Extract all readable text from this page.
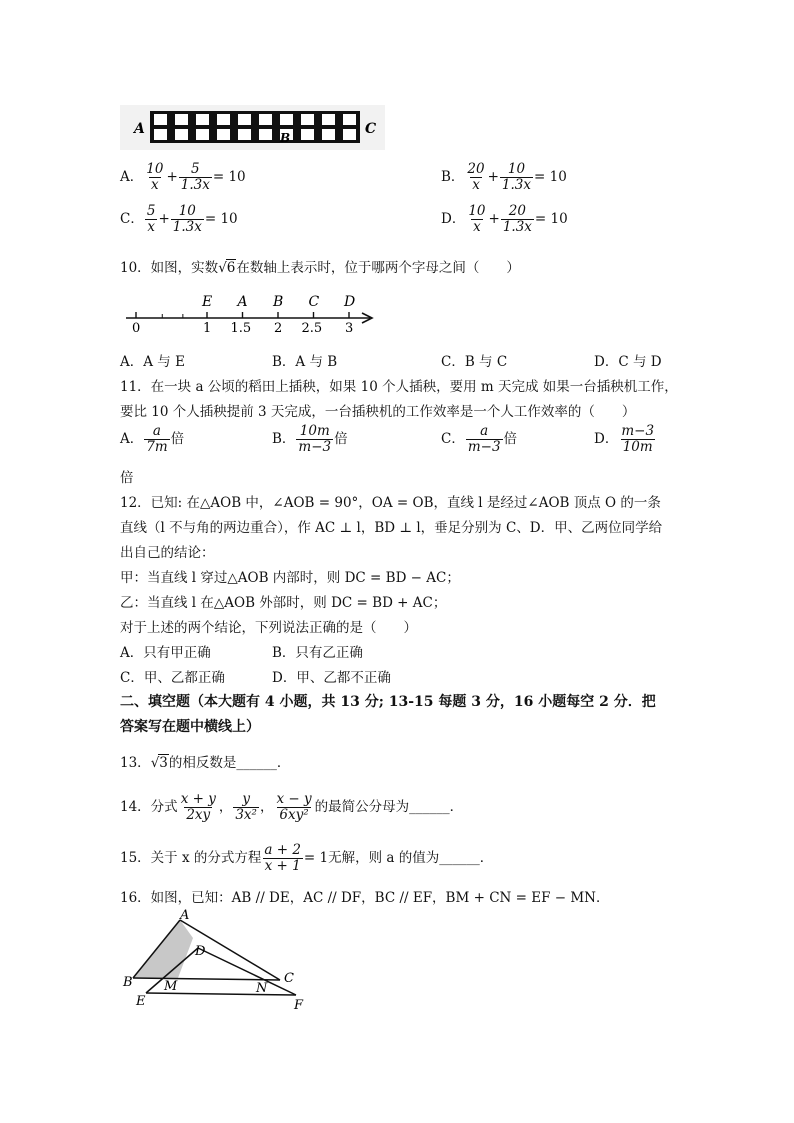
A
B
C
A． $\frac{10}{x} + \frac{5}{1.3x} = 10$	B． $\frac{20}{x} + \frac{10}{1.3x} = 10$
C． $\frac{5}{x} + \frac{10}{1.3x} = 10$	D． $\frac{10}{x} + \frac{20}{1.3x} = 10$
10．如图，实数√6在数轴上表示时，位于哪两个字母之间（　　）
0	1 1.5 2 2.5 3
E A B C D
A．A 与 E	B．A 与 B	C．B 与 C	D．C 与 D
11．在一块 a 公顷的稻田上插秧，如果 10 个人插秧，要用 m 天完成 如果一台插秧机工作，
要比 10 个人插秧提前 3 天完成，一台插秧机的工作效率是一个人工作效率的（　　）
A． $\frac{a}{7m}$ 倍	B． $\frac{10m}{m-3}$ 倍	C． $\frac{a}{m-3}$ 倍	D． $\frac{m-3}{10m}$
倍
12．已知: 在△AOB 中，∠AOB = 90°，OA = OB，直线 l 是经过∠AOB 顶点 O 的一条
直线（l 不与角的两边重合），作 AC ⊥ l，BD ⊥ l，垂足分别为 C、D．甲、乙两位同学给
出自己的结论：
甲：当直线 l 穿过△AOB 内部时，则 DC = BD − AC；
乙：当直线 l 在△AOB 外部时，则 DC = BD + AC；
对于上述的两个结论，下列说法正确的是（　　）
A．只有甲正确	B．只有乙正确
C．甲、乙都正确	D．甲、乙都不正确
二、填空题（本大题有 4 小题，共 13 分; 13-15 每题 3 分，16 小题每空 2 分．把
答案写在题中横线上）
13．√3的相反数是______．
14．分式 $\frac{x + y}{2xy}$ ， $\frac{y}{\text{3x²}}$ ， $\frac{x - y}{\text{6xy²}}$ 的最简公分母为______．
15．关于 x 的分式方程 $\frac{a + 2}{x + 1} = 1$无解，则 a 的值为______．
16．如图，已知：AB // DE，AC // DF，BC // EF，BM + CN = EF − MN．
A
D
B M	N
C
E	F
